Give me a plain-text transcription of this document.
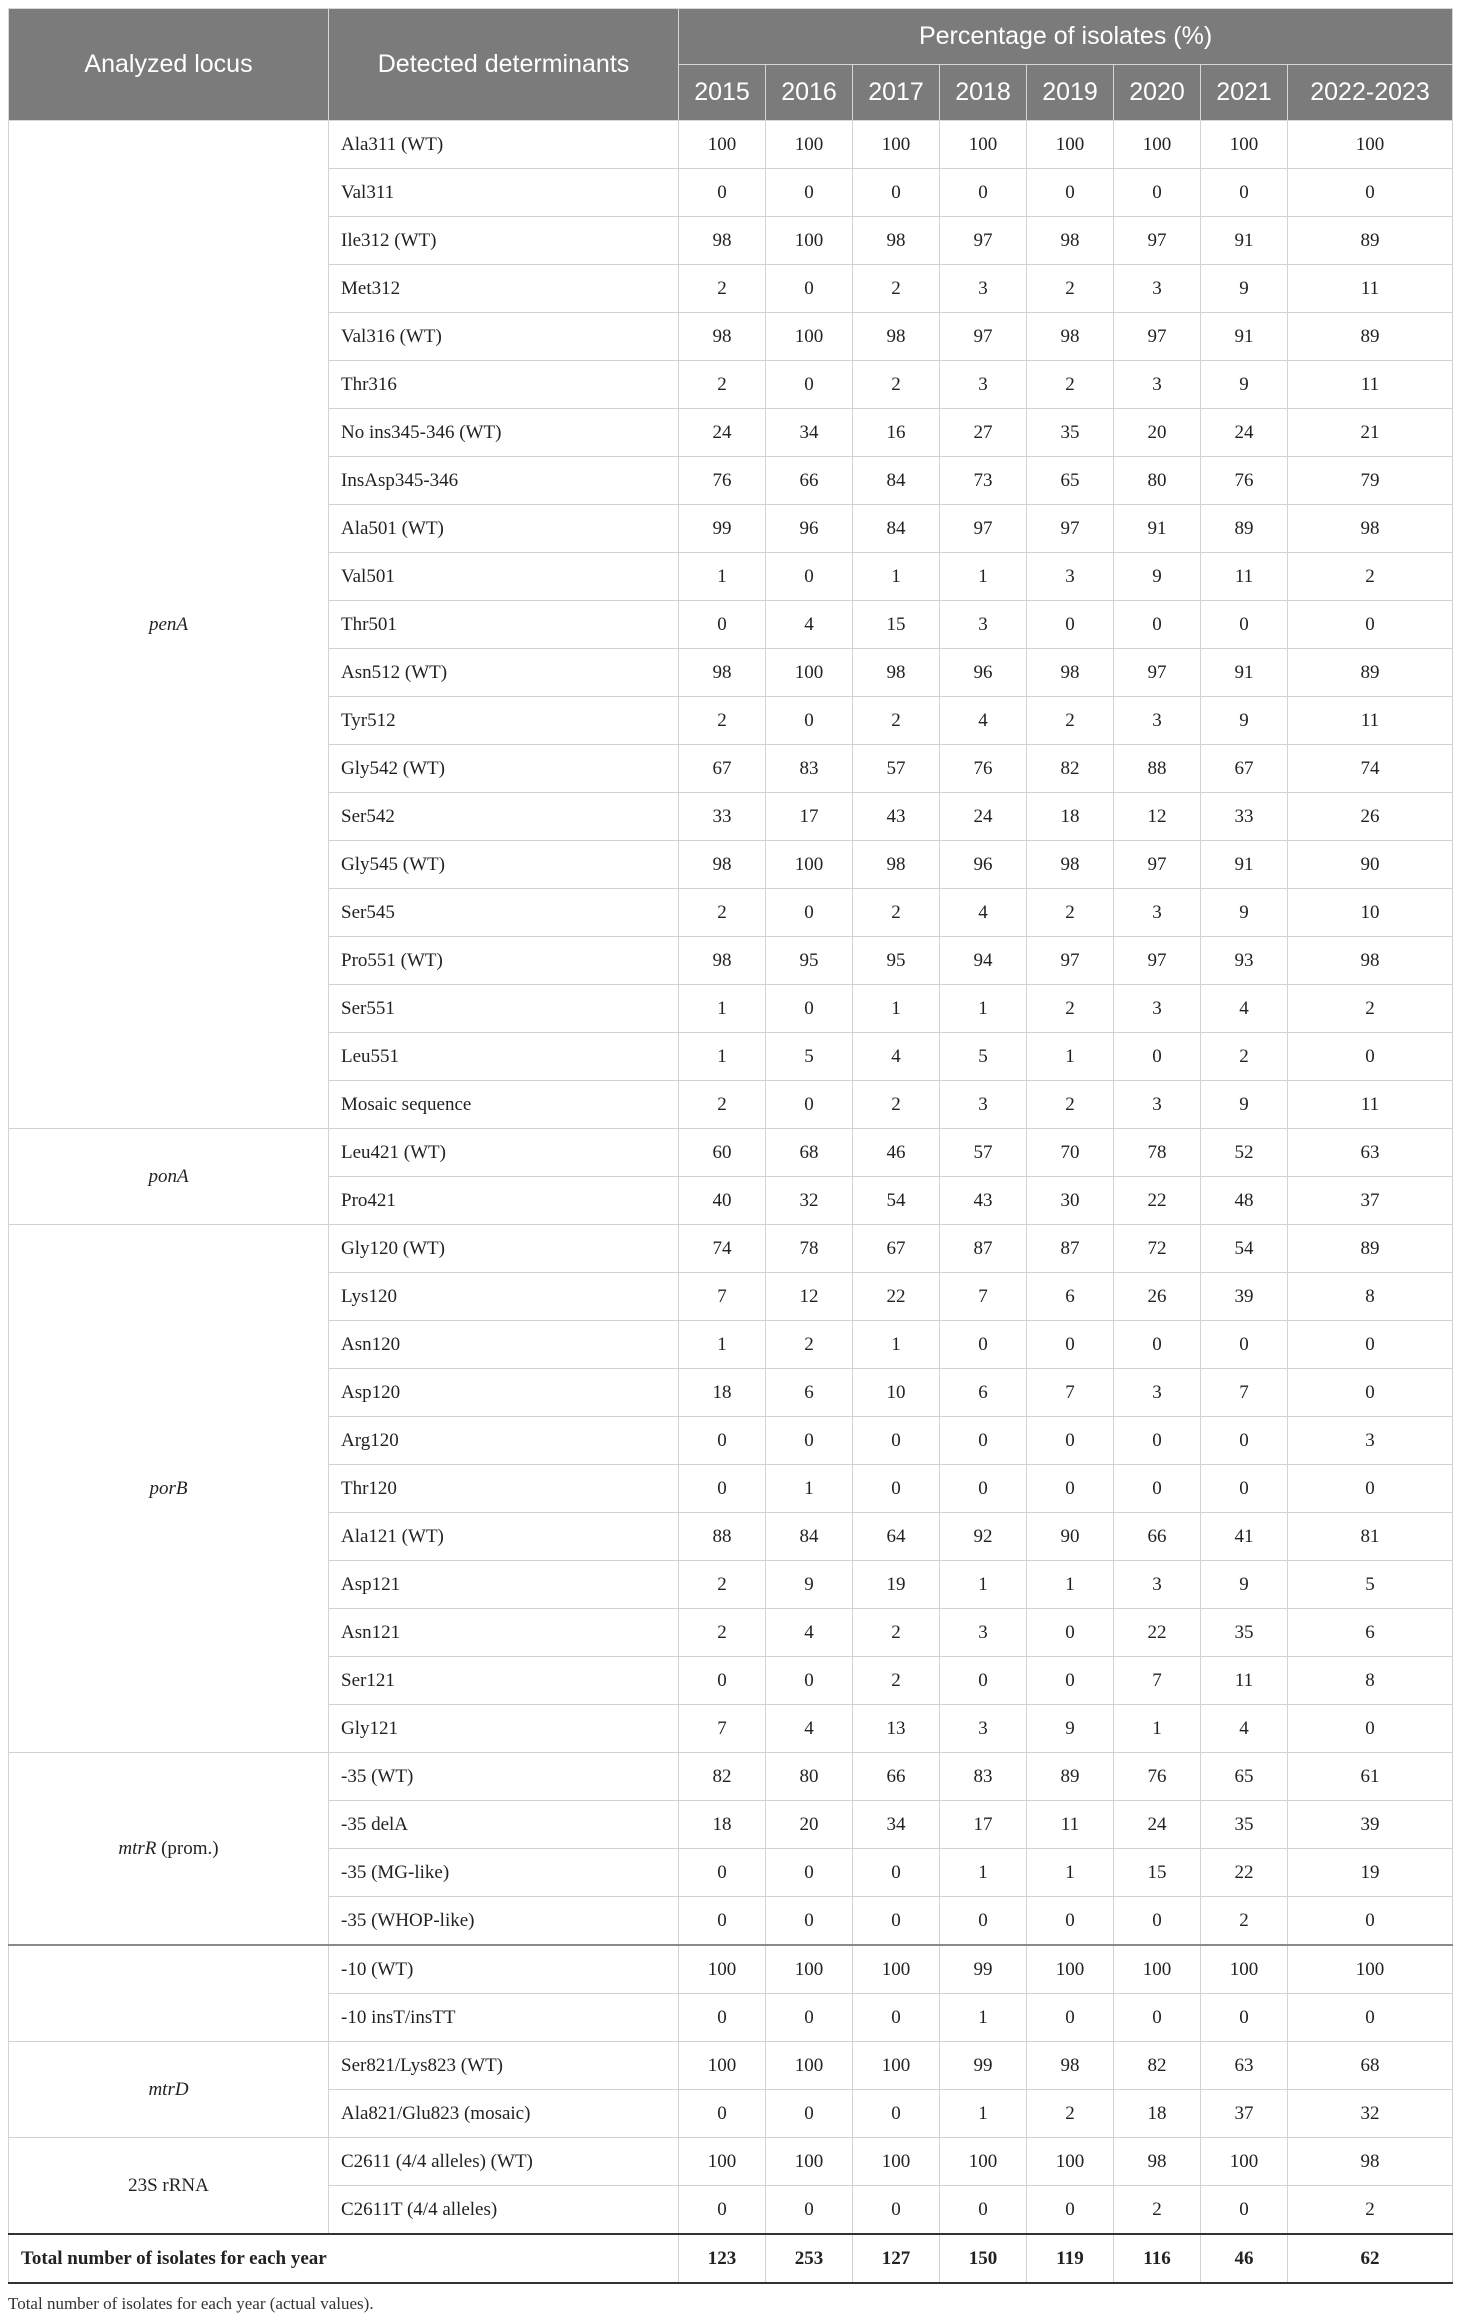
Analyzed locus	Detected determinants	Percentage of isolates (%)							
		2015	2016	2017	2018	2019	2020	2021	2022-2023
penA	Ala311 (WT)	100	100	100	100	100	100	100	100
	Val311	0	0	0	0	0	0	0	0
	Ile312 (WT)	98	100	98	97	98	97	91	89
	Met312	2	0	2	3	2	3	9	11
	Val316 (WT)	98	100	98	97	98	97	91	89
	Thr316	2	0	2	3	2	3	9	11
	No ins345-346 (WT)	24	34	16	27	35	20	24	21
	InsAsp345-346	76	66	84	73	65	80	76	79
	Ala501 (WT)	99	96	84	97	97	91	89	98
	Val501	1	0	1	1	3	9	11	2
	Thr501	0	4	15	3	0	0	0	0
	Asn512 (WT)	98	100	98	96	98	97	91	89
	Tyr512	2	0	2	4	2	3	9	11
	Gly542 (WT)	67	83	57	76	82	88	67	74
	Ser542	33	17	43	24	18	12	33	26
	Gly545 (WT)	98	100	98	96	98	97	91	90
	Ser545	2	0	2	4	2	3	9	10
	Pro551 (WT)	98	95	95	94	97	97	93	98
	Ser551	1	0	1	1	2	3	4	2
	Leu551	1	5	4	5	1	0	2	0
	Mosaic sequence	2	0	2	3	2	3	9	11
ponA	Leu421 (WT)	60	68	46	57	70	78	52	63
	Pro421	40	32	54	43	30	22	48	37
porB	Gly120 (WT)	74	78	67	87	87	72	54	89
	Lys120	7	12	22	7	6	26	39	8
	Asn120	1	2	1	0	0	0	0	0
	Asp120	18	6	10	6	7	3	7	0
	Arg120	0	0	0	0	0	0	0	3
	Thr120	0	1	0	0	0	0	0	0
	Ala121 (WT)	88	84	64	92	90	66	41	81
	Asp121	2	9	19	1	1	3	9	5
	Asn121	2	4	2	3	0	22	35	6
	Ser121	0	0	2	0	0	7	11	8
	Gly121	7	4	13	3	9	1	4	0
mtrR (prom.)	-35 (WT)	82	80	66	83	89	76	65	61
	-35 delA	18	20	34	17	11	24	35	39
	-35 (MG-like)	0	0	0	1	1	15	22	19
	-35 (WHOP-like)	0	0	0	0	0	0	2	0
	-10 (WT)	100	100	100	99	100	100	100	100
	-10 insT/insTT	0	0	0	1	0	0	0	0
mtrD	Ser821/Lys823 (WT)	100	100	100	99	98	82	63	68
	Ala821/Glu823 (mosaic)	0	0	0	1	2	18	37	32
23S rRNA	C2611 (4/4 alleles) (WT)	100	100	100	100	100	98	100	98
	C2611T (4/4 alleles)	0	0	0	0	0	2	0	2
Total number of isolates for each year		123	253	127	150	119	116	46	62
Total number of isolates for each year (actual values).
